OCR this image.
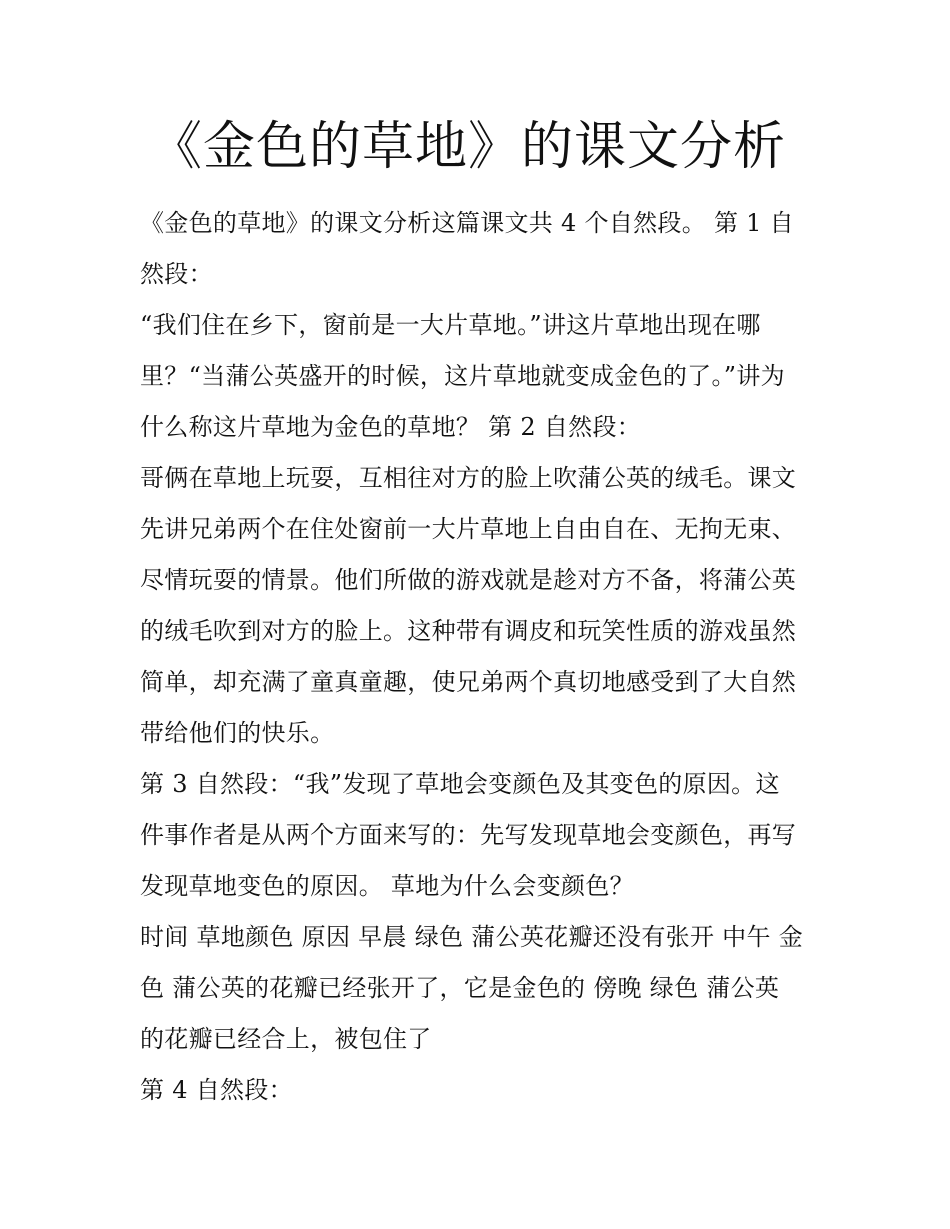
《金色的草地》的课文分析
《金色的草地》的课文分析这篇课文共 4 个自然段。 第 1 自
然段：
“我们住在乡下，窗前是一大片草地。”讲这片草地出现在哪
里？“当蒲公英盛开的时候，这片草地就变成金色的了。”讲为
什么称这片草地为金色的草地？ 第 2 自然段：
哥俩在草地上玩耍，互相往对方的脸上吹蒲公英的绒毛。课文
先讲兄弟两个在住处窗前一大片草地上自由自在、无拘无束、
尽情玩耍的情景。他们所做的游戏就是趁对方不备，将蒲公英
的绒毛吹到对方的脸上。这种带有调皮和玩笑性质的游戏虽然
简单，却充满了童真童趣，使兄弟两个真切地感受到了大自然
带给他们的快乐。
第 3 自然段：“我”发现了草地会变颜色及其变色的原因。这
件事作者是从两个方面来写的：先写发现草地会变颜色，再写
发现草地变色的原因。 草地为什么会变颜色？
时间 草地颜色 原因 早晨 绿色 蒲公英花瓣还没有张开 中午 金
色 蒲公英的花瓣已经张开了，它是金色的 傍晚 绿色 蒲公英
的花瓣已经合上，被包住了
第 4 自然段：
